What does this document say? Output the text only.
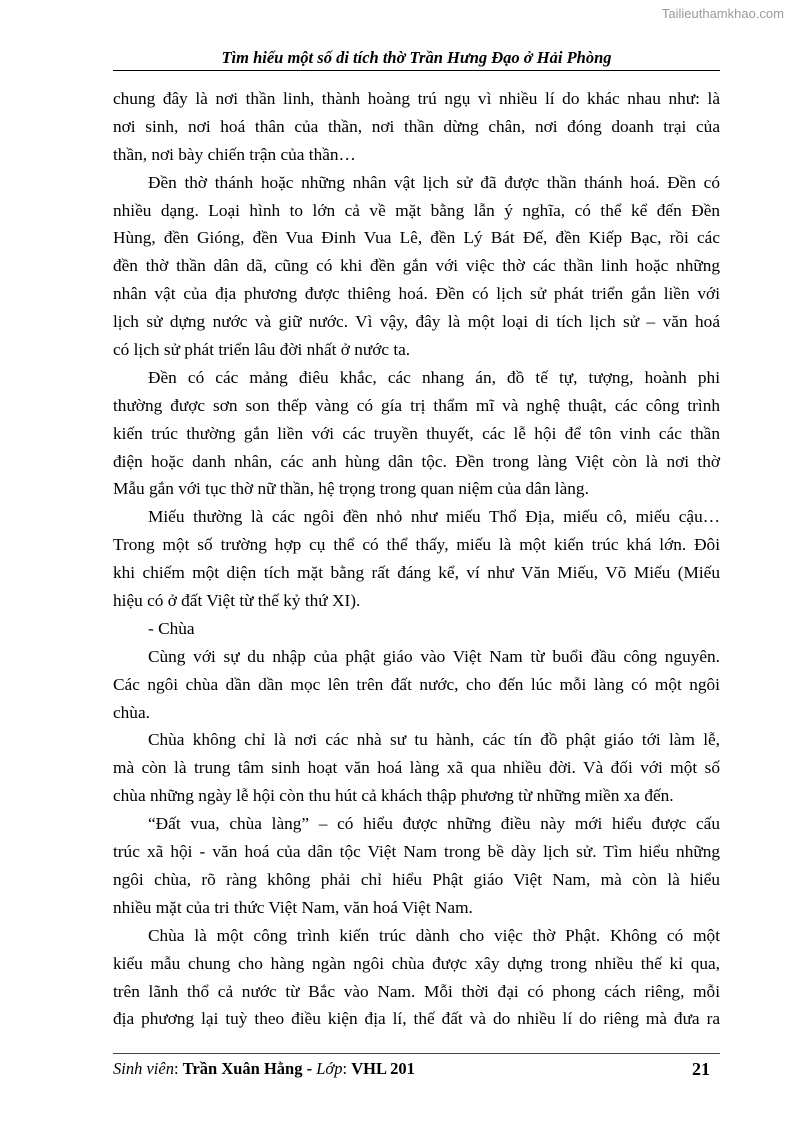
Tailieuthamkhao.com
Tìm hiểu một số di tích thờ Trần Hưng Đạo ở Hải Phòng
chung đây là nơi thần linh, thành hoàng trú ngụ vì nhiều lí do khác nhau như: là
nơi sinh, nơi hoá thân của thần, nơi thần dừng chân, nơi đóng doanh trại của
thần, nơi bày chiến trận của thần…
Đền thờ thánh hoặc những nhân vật lịch sử đã được thần thánh hoá. Đền có
nhiều dạng. Loại hình to lớn cả về mặt bằng lẫn ý nghĩa, có thể kể đến Đền
Hùng, đền Gióng, đền Vua Đinh Vua Lê, đền Lý Bát Đế, đền Kiếp Bạc, rồi các
đền thờ thần dân dã, cũng có khi đền gắn với việc thờ các thần linh hoặc những
nhân vật của địa phương được thiêng hoá. Đền có lịch sử phát triển gắn liền với
lịch sử dựng nước và giữ nước. Vì vậy, đây là một loại di tích lịch sử – văn hoá
có lịch sử phát triển lâu đời nhất ở nước ta.
Đền có các mảng điêu khắc, các nhang án, đồ tế tự, tượng, hoành phi
thường được sơn son thếp vàng có gía trị thẩm mĩ và nghệ thuật, các công trình
kiến trúc thường gắn liền với các truyền thuyết, các lễ hội để tôn vinh các thần
điện hoặc danh nhân, các anh hùng dân tộc. Đền trong làng Việt còn là nơi thờ
Mẫu gắn với tục thờ nữ thần, hệ trọng trong quan niệm của dân làng.
Miếu thường là các ngôi đền nhỏ như miếu Thổ Địa, miếu cô, miếu cậu…
Trong một số trường hợp cụ thể có thể thấy, miếu là một kiến trúc khá lớn. Đôi
khi chiếm một diện tích mặt bằng rất đáng kể, ví như Văn Miếu, Võ Miếu (Miếu
hiệu có ở đất Việt từ thế kỷ thứ XI).
- Chùa
Cùng với sự du nhập của phật giáo vào Việt Nam từ buổi đầu công nguyên.
Các ngôi chùa dần dần mọc lên trên đất nước, cho đến lúc mỗi làng có một ngôi
chùa.
Chùa không chỉ là nơi các nhà sư tu hành, các tín đồ phật giáo tới làm lễ,
mà còn là trung tâm sinh hoạt văn hoá làng xã qua nhiều đời. Và đối với một số
chùa những ngày lễ hội còn thu hút cả khách thập phương từ những miền xa đến.
“Đất vua, chùa làng” – có hiểu được những điều này mới hiểu được cấu
trúc xã hội - văn hoá của dân tộc Việt Nam trong bề dày lịch sử. Tìm hiểu những
ngôi chùa, rõ ràng không phải chỉ hiểu Phật giáo Việt Nam, mà còn là hiểu
nhiều mặt của tri thức Việt Nam, văn hoá Việt Nam.
Chùa là một công trình kiến trúc dành cho việc thờ Phật. Không có một
kiểu mẫu chung cho hàng ngàn ngôi chùa được xây dựng trong nhiều thế kỉ qua,
trên lãnh thổ cả nước từ Bắc vào Nam. Mỗi thời đại có phong cách riêng, mỗi
địa phương lại tuỳ theo điều kiện địa lí, thế đất và do nhiều lí do riêng mà đưa ra
Sinh viên: Trần Xuân Hằng - Lớp: VHL 201	21
